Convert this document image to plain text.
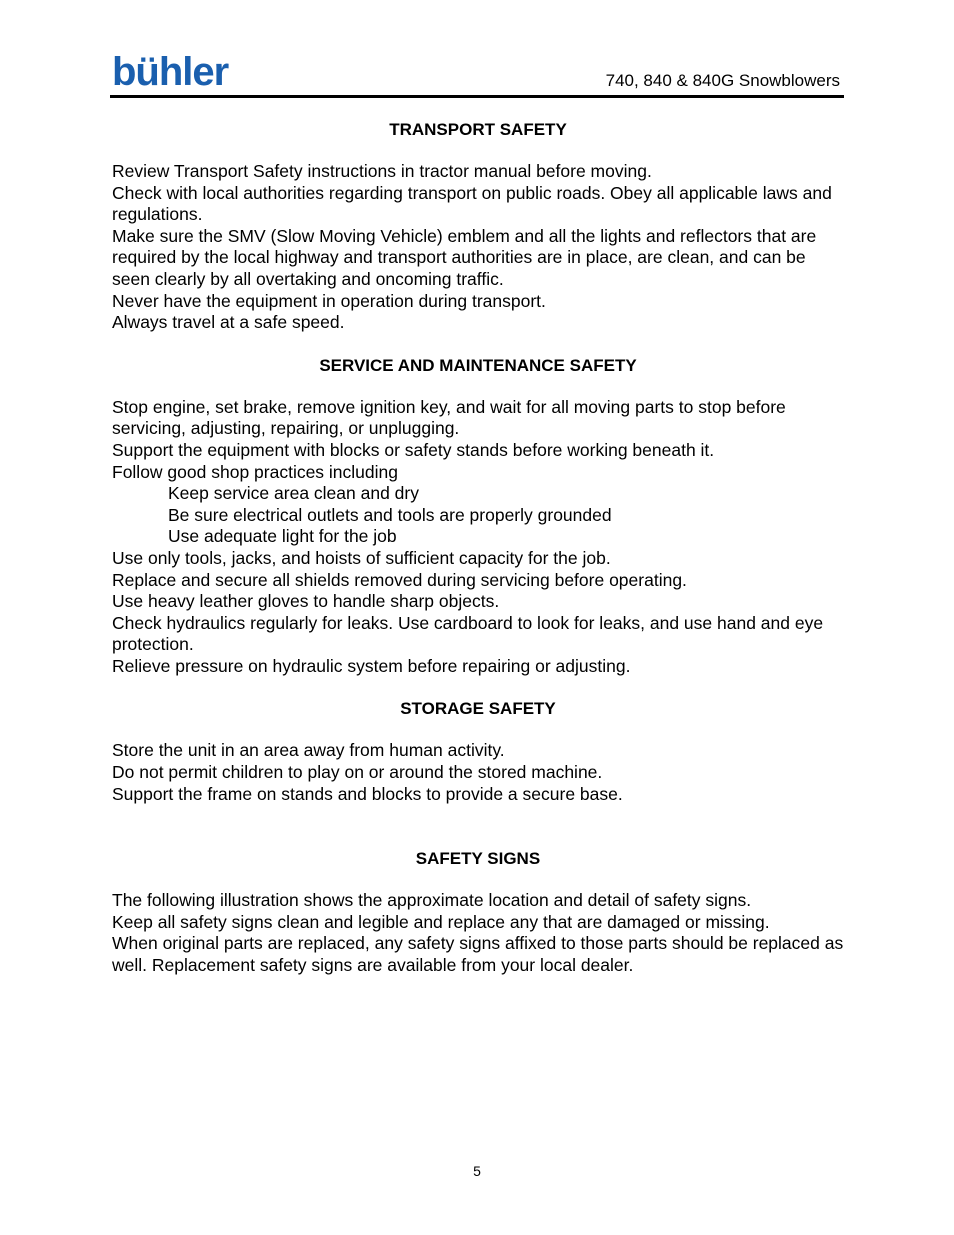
bühler	740, 840 & 840G Snowblowers

TRANSPORT SAFETY

Review Transport Safety instructions in tractor manual before moving.

Check with local authorities regarding transport on public roads. Obey all applicable laws and regulations.

Make sure the SMV (Slow Moving Vehicle) emblem and all the lights and reflectors that are required by the local highway and transport authorities are in place, are clean, and can be seen clearly by all overtaking and oncoming traffic.

Never have the equipment in operation during transport.

Always travel at a safe speed.

SERVICE AND MAINTENANCE SAFETY

Stop engine, set brake, remove ignition key, and wait for all moving parts to stop before servicing, adjusting, repairing, or unplugging.

Support the equipment with blocks or safety stands before working beneath it.

Follow good shop practices including

Keep service area clean and dry

Be sure electrical outlets and tools are properly grounded

Use adequate light for the job

Use only tools, jacks, and hoists of sufficient capacity for the job.

Replace and secure all shields removed during servicing before operating.

Use heavy leather gloves to handle sharp objects.

Check hydraulics regularly for leaks. Use cardboard to look for leaks, and use hand and eye protection.

Relieve pressure on hydraulic system before repairing or adjusting.

STORAGE SAFETY

Store the unit in an area away from human activity.

Do not permit children to play on or around the stored machine.

Support the frame on stands and blocks to provide a secure base.

SAFETY SIGNS

The following illustration shows the approximate location and detail of safety signs.

Keep all safety signs clean and legible and replace any that are damaged or missing.

When original parts are replaced, any safety signs affixed to those parts should be replaced as well. Replacement safety signs are available from your local dealer.

5
